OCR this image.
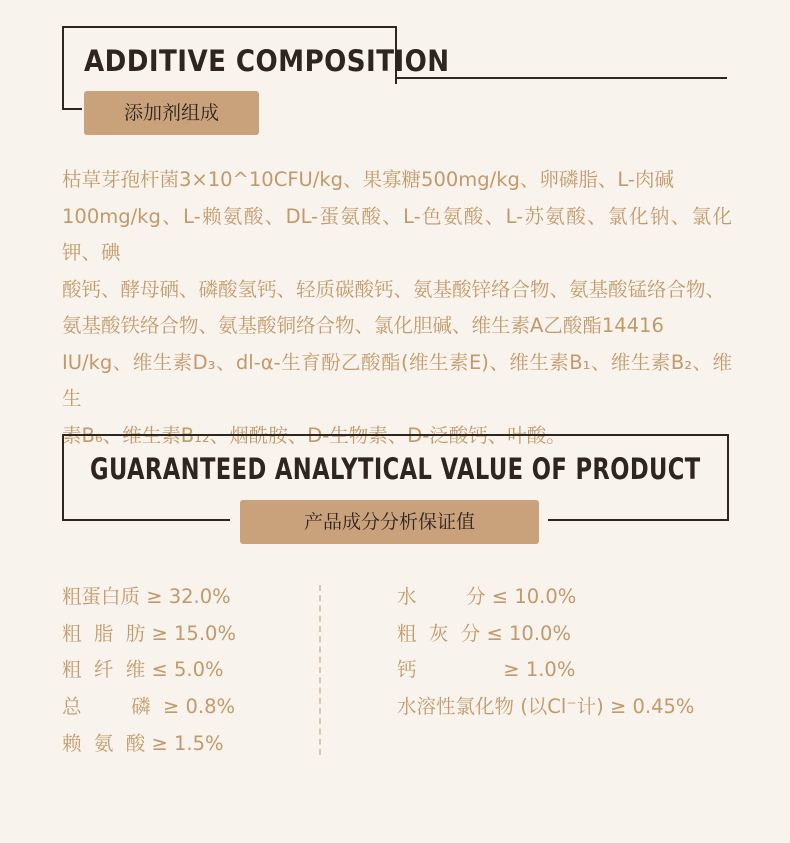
ADDITIVE COMPOSITION
添加剂组成
枯草芽孢杆菌3×10^10CFU/kg、果寡糖500mg/kg、卵磷脂、L-肉碱
100mg/kg、L-赖氨酸、DL-蛋氨酸、L-色氨酸、L-苏氨酸、氯化钠、氯化钾、碘
酸钙、酵母硒、磷酸氢钙、轻质碳酸钙、氨基酸锌络合物、氨基酸锰络合物、
氨基酸铁络合物、氨基酸铜络合物、氯化胆碱、维生素A乙酸酯14416
IU/kg、维生素D₃、dl-α-生育酚乙酸酯(维生素E)、维生素B₁、维生素B₂、维生
素B₆、维生素B₁₂、烟酰胺、D-生物素、D-泛酸钙、叶酸。
GUARANTEED ANALYTICAL VALUE OF PRODUCT
产品成分分析保证值
粗蛋白质 ≥ 32.0%
粗  脂  肪 ≥ 15.0%
粗  纤  维 ≤ 5.0%
总        磷  ≥ 0.8%
赖  氨  酸 ≥ 1.5%
水        分 ≤ 10.0%
粗  灰  分 ≤ 10.0%
钙              ≥ 1.0%
水溶性氯化物 (以Cl⁻计) ≥ 0.45%
